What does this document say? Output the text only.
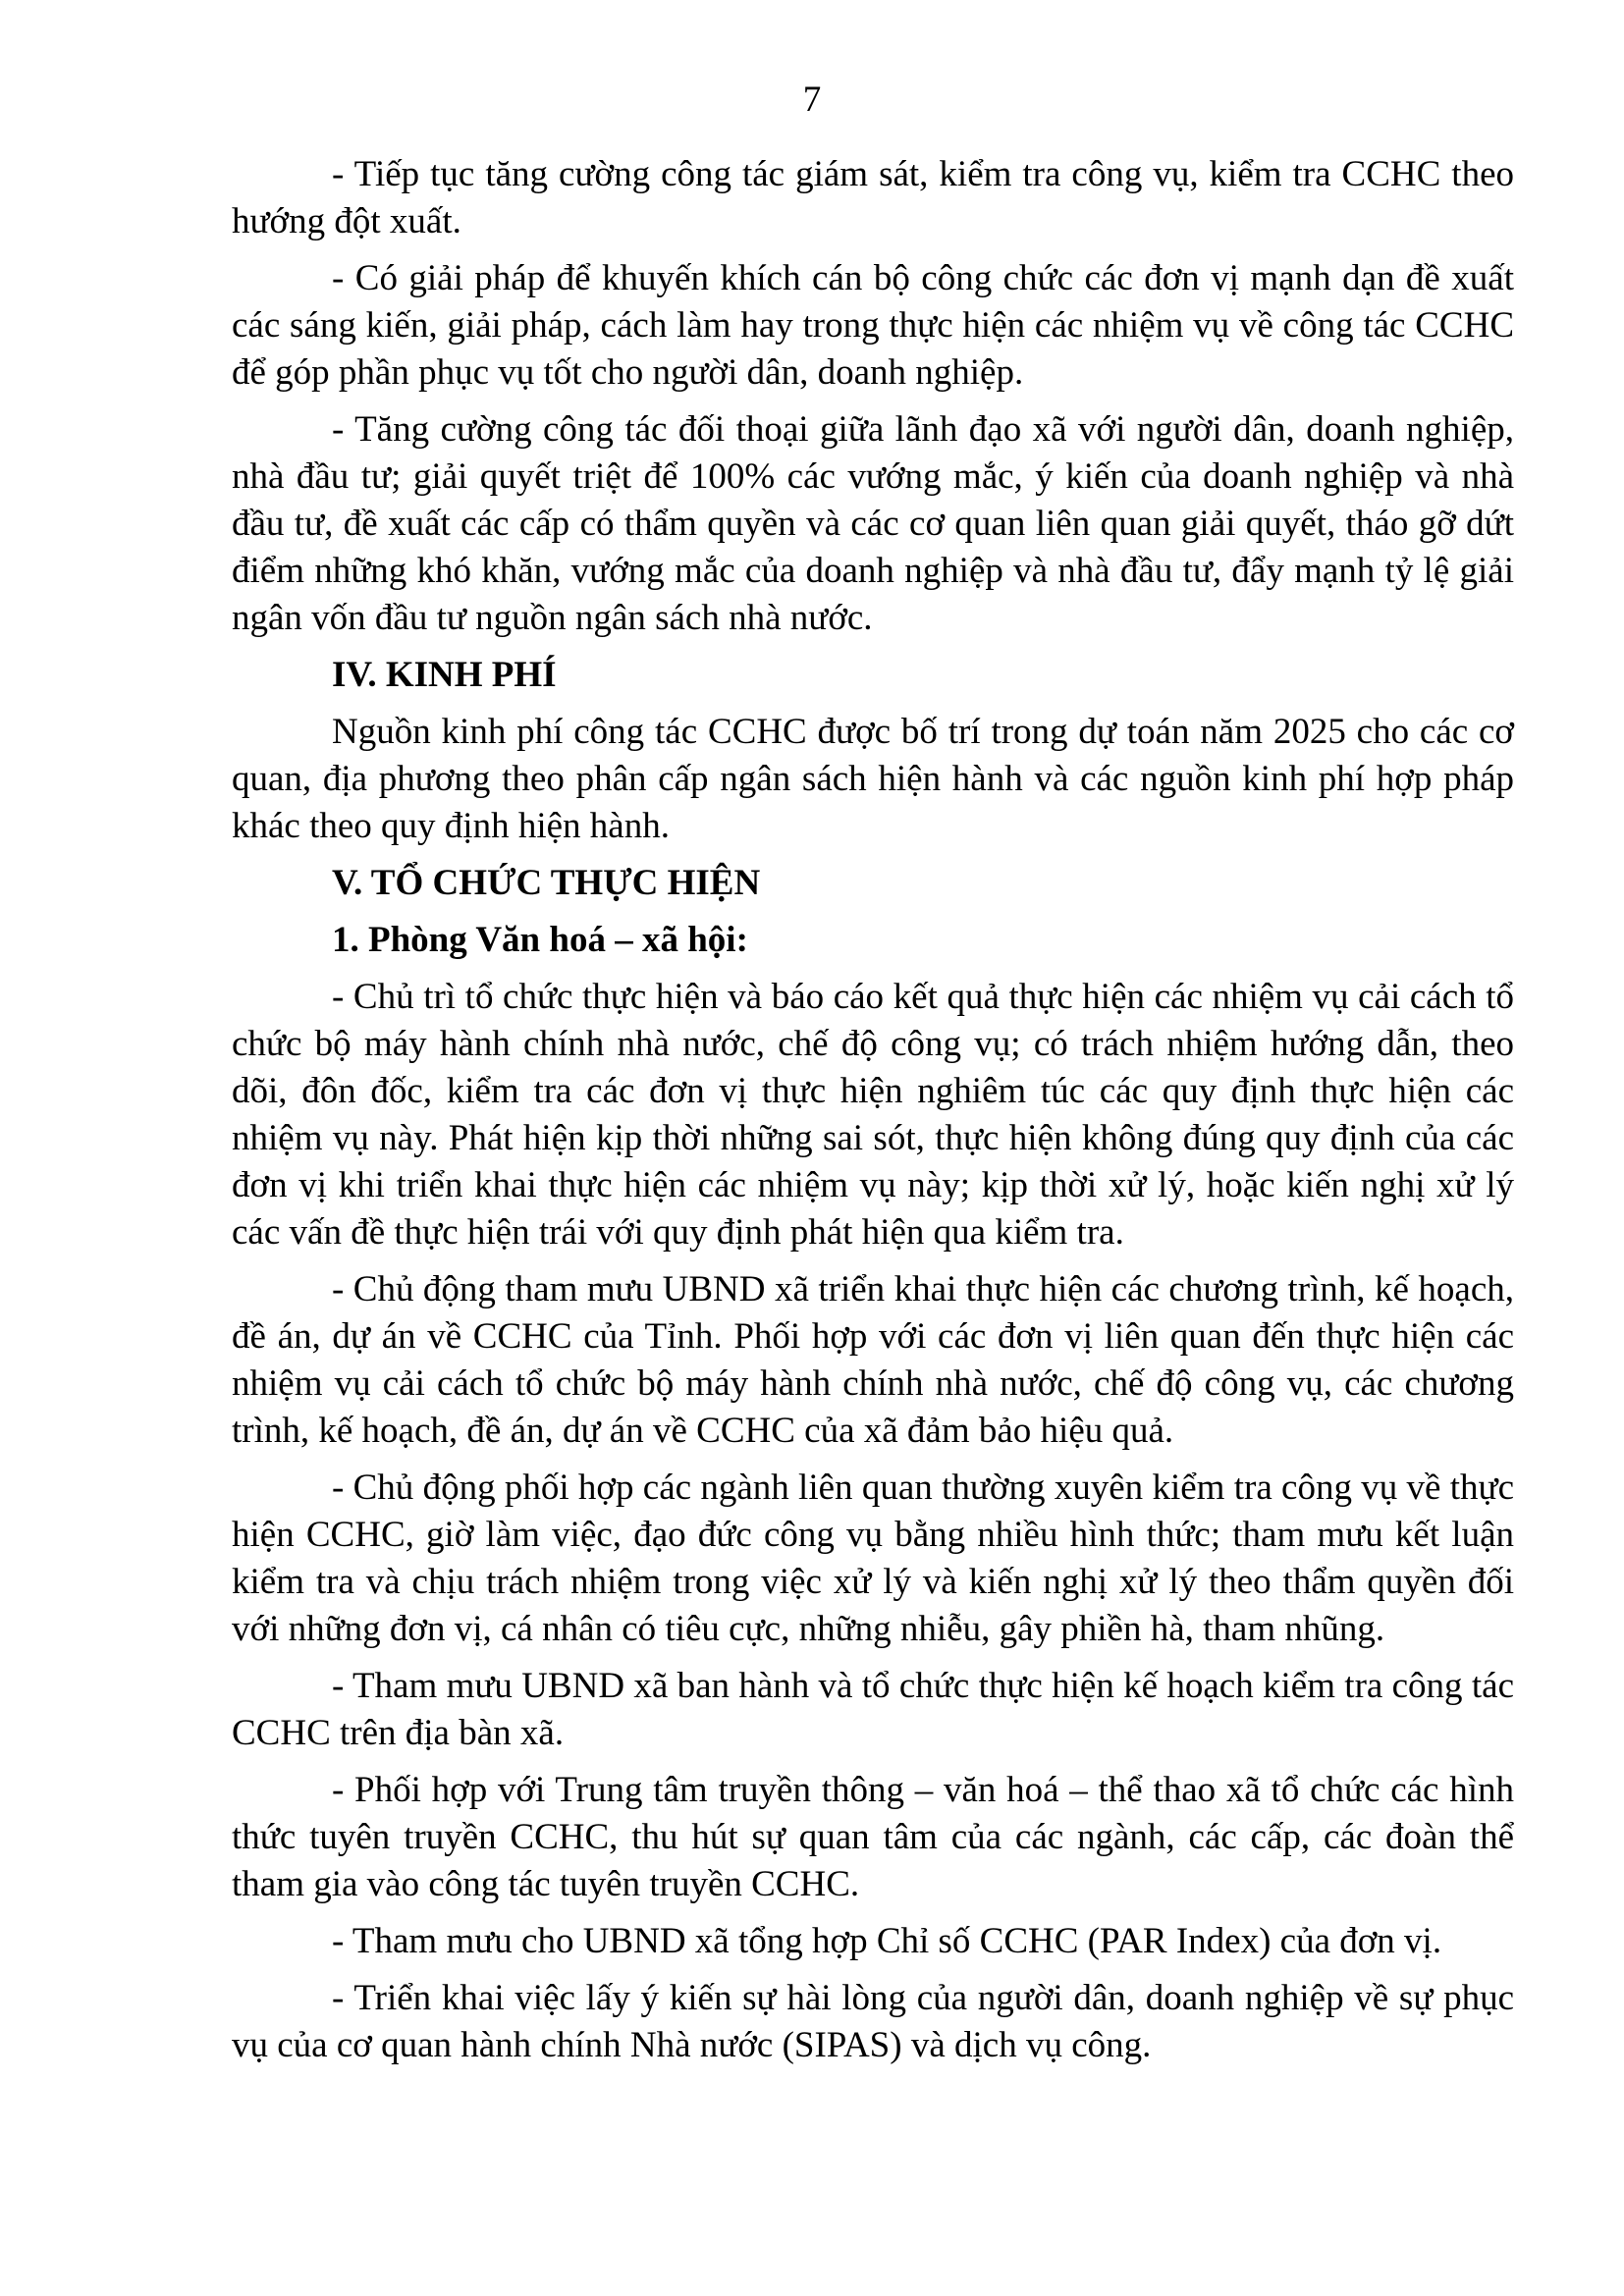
7

- Tiếp tục tăng cường công tác giám sát, kiểm tra công vụ, kiểm tra CCHC theo hướng đột xuất.

- Có giải pháp để khuyến khích cán bộ công chức các đơn vị mạnh dạn đề xuất các sáng kiến, giải pháp, cách làm hay trong thực hiện các nhiệm vụ về công tác CCHC để góp phần phục vụ tốt cho người dân, doanh nghiệp.

- Tăng cường công tác đối thoại giữa lãnh đạo xã với người dân, doanh nghiệp, nhà đầu tư; giải quyết triệt để 100% các vướng mắc, ý kiến của doanh nghiệp và nhà đầu tư, đề xuất các cấp có thẩm quyền và các cơ quan liên quan giải quyết, tháo gỡ dứt điểm những khó khăn, vướng mắc của doanh nghiệp và nhà đầu tư, đẩy mạnh tỷ lệ giải ngân vốn đầu tư nguồn ngân sách nhà nước.

IV. KINH PHÍ

Nguồn kinh phí công tác CCHC được bố trí trong dự toán năm 2025 cho các cơ quan, địa phương theo phân cấp ngân sách hiện hành và các nguồn kinh phí hợp pháp khác theo quy định hiện hành.

V. TỔ CHỨC THỰC HIỆN

1. Phòng Văn hoá – xã hội:

- Chủ trì tổ chức thực hiện và báo cáo kết quả thực hiện các nhiệm vụ cải cách tổ chức bộ máy hành chính nhà nước, chế độ công vụ; có trách nhiệm hướng dẫn, theo dõi, đôn đốc, kiểm tra các đơn vị thực hiện nghiêm túc các quy định thực hiện các nhiệm vụ này. Phát hiện kịp thời những sai sót, thực hiện không đúng quy định của các đơn vị khi triển khai thực hiện các nhiệm vụ này; kịp thời xử lý, hoặc kiến nghị xử lý các vấn đề thực hiện trái với quy định phát hiện qua kiểm tra.

- Chủ động tham mưu UBND xã triển khai thực hiện các chương trình, kế hoạch, đề án, dự án về CCHC của Tỉnh. Phối hợp với các đơn vị liên quan đến thực hiện các nhiệm vụ cải cách tổ chức bộ máy hành chính nhà nước, chế độ công vụ, các chương trình, kế hoạch, đề án, dự án về CCHC của xã đảm bảo hiệu quả.

- Chủ động phối hợp các ngành liên quan thường xuyên kiểm tra công vụ về thực hiện CCHC, giờ làm việc, đạo đức công vụ bằng nhiều hình thức; tham mưu kết luận kiểm tra và chịu trách nhiệm trong việc xử lý và kiến nghị xử lý theo thẩm quyền đối với những đơn vị, cá nhân có tiêu cực, những nhiễu, gây phiền hà, tham nhũng.

- Tham mưu UBND xã ban hành và tổ chức thực hiện kế hoạch kiểm tra công tác CCHC trên địa bàn xã.

- Phối hợp với Trung tâm truyền thông – văn hoá – thể thao xã tổ chức các hình thức tuyên truyền CCHC, thu hút sự quan tâm của các ngành, các cấp, các đoàn thể tham gia vào công tác tuyên truyền CCHC.

- Tham mưu cho UBND xã tổng hợp Chỉ số CCHC (PAR Index) của đơn vị.

- Triển khai việc lấy ý kiến sự hài lòng của người dân, doanh nghiệp về sự phục vụ của cơ quan hành chính Nhà nước (SIPAS) và dịch vụ công.
